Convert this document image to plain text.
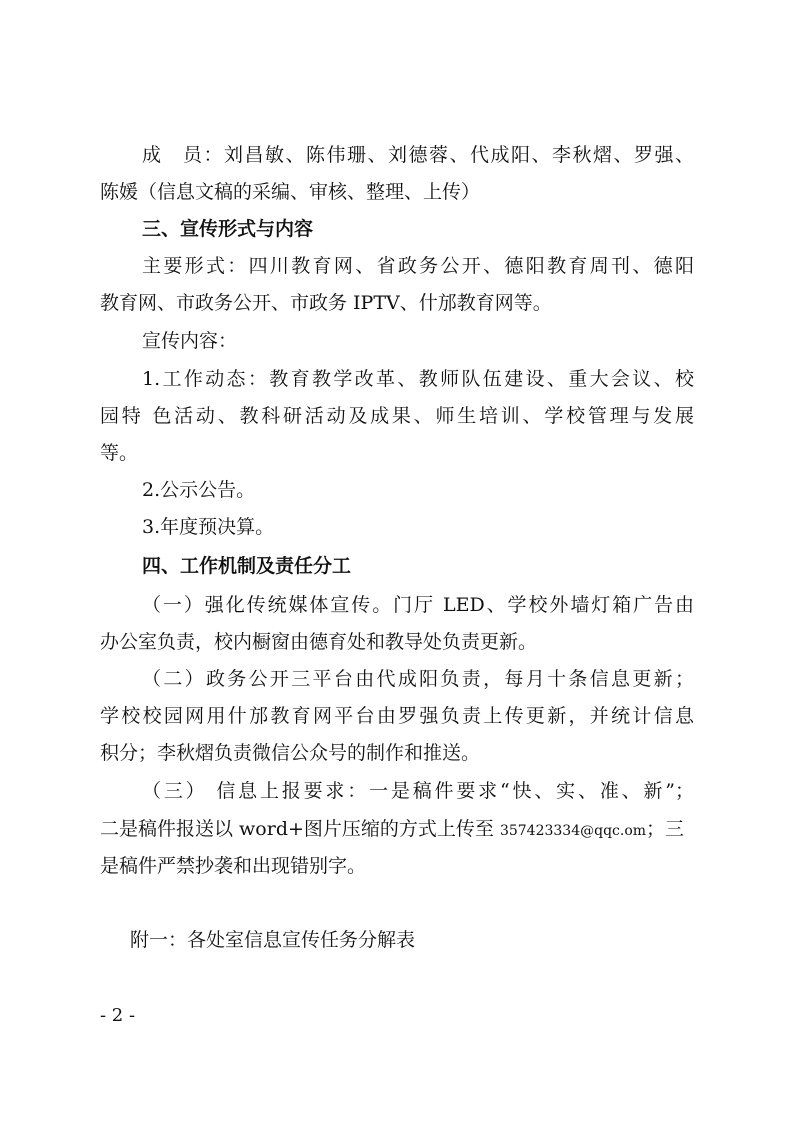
成　员：刘昌敏、陈伟珊、刘德蓉、代成阳、李秋熠、罗强、
陈媛（信息文稿的采编、审核、整理、上传）
三、宣传形式与内容
主要形式：四川教育网、省政务公开、德阳教育周刊、德阳
教育网、市政务公开、市政务 IPTV、什邡教育网等。
宣传内容：
1.工作动态：教育教学改革、教师队伍建设、重大会议、校
园特 色活动、教科研活动及成果、师生培训、学校管理与发展
等。
2.公示公告。
3.年度预决算。
四、工作机制及责任分工
（一）强化传统媒体宣传。门厅 LED、学校外墙灯箱广告由
办公室负责，校内橱窗由德育处和教导处负责更新。
（二）政务公开三平台由代成阳负责，每月十条信息更新；
学校校园网用什邡教育网平台由罗强负责上传更新，并统计信息
积分；李秋熠负责微信公众号的制作和推送。
（三） 信息上报要求：一是稿件要求“快、实、准、新”；
二是稿件报送以 word+图片压缩的方式上传至 357423334@qqc.om；三
是稿件严禁抄袭和出现错别字。
附一：各处室信息宣传任务分解表
- 2 -
